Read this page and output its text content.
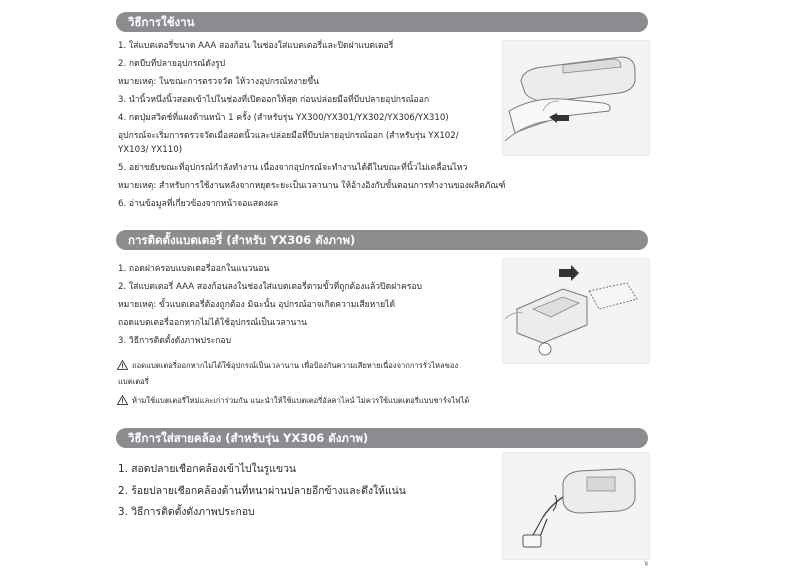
วิธีการใช้งาน
1. ใส่แบตเตอรี่ขนาด AAA สองก้อน ในช่องใส่แบตเตอรี่และปิดฝาแบตเตอรี่
2. กดบีบที่ปลายอุปกรณ์ดังรูป
หมายเหตุ: ในขณะการตรวจวัด ให้วางอุปกรณ์หงายขึ้น
3. นำนิ้วหนึ่งนิ้วสอดเข้าไปในช่องที่เปิดออกให้สุด ก่อนปล่อยมือที่บีบปลายอุปกรณ์ออก
4. กดปุ่มสวิตช์ที่แผงด้านหน้า 1 ครั้ง (สำหรับรุ่น YX300/YX301/YX302/YX306/YX310)
อุปกรณ์จะเริ่มการตรวจวัดเมื่อสอดนิ้วและปล่อยมือที่บีบปลายอุปกรณ์ออก (สำหรับรุ่น YX102/
YX103/ YX110)
5. อย่าขยับขณะที่อุปกรณ์กำลังทำงาน เนื่องจากอุปกรณ์จะทำงานได้ดีในขณะที่นิ้วไม่เคลื่อนไหว
หมายเหตุ: สำหรับการใช้งานหลังจากหยุดระยะเป็นเวลานาน ให้อ้างอิงกับขั้นตอนการทำงานของผลิตภัณฑ์
6. อ่านข้อมูลที่เกี่ยวข้องจากหน้าจอแสดงผล
การติดตั้งแบตเตอรี่ (สำหรับ YX306 ดังภาพ)
1. ถอดฝาครอบแบตเตอรี่ออกในแนวนอน
2. ใส่แบตเตอรี่ AAA สองก้อนลงในช่องใส่แบตเตอรี่ตามขั้วที่ถูกต้องแล้วปิดฝาครอบ
หมายเหตุ: ขั้วแบตเตอรี่ต้องถูกต้อง มิฉะนั้น อุปกรณ์อาจเกิดความเสียหายได้
ถอดแบตเตอรี่ออกหากไม่ได้ใช้อุปกรณ์เป็นเวลานาน
3. วิธีการติดตั้งดังภาพประกอบ
ถอดแบตเตอรี่ออกหากไม่ได้ใช้อุปกรณ์เป็นเวลานาน เพื่อป้องกันความเสียหายเนื่องจากการรั่วไหลของ
แบตเตอรี่
ห้ามใช้แบตเตอรี่ใหม่และเก่าร่วมกัน แนะนำให้ใช้แบตเตอรี่อัลคาไลน์ ไม่ควรใช้แบตเตอรี่แบบชาร์จไฟได้
วิธีการใส่สายคล้อง (สำหรับรุ่น YX306 ดังภาพ)
1. สอดปลายเชือกคล้องเข้าไปในรูแขวน
2. ร้อยปลายเชือกคล้องด้านที่หนาผ่านปลายอีกข้างและดึงให้แน่น
3. วิธีการติดตั้งดังภาพประกอบ
๖
